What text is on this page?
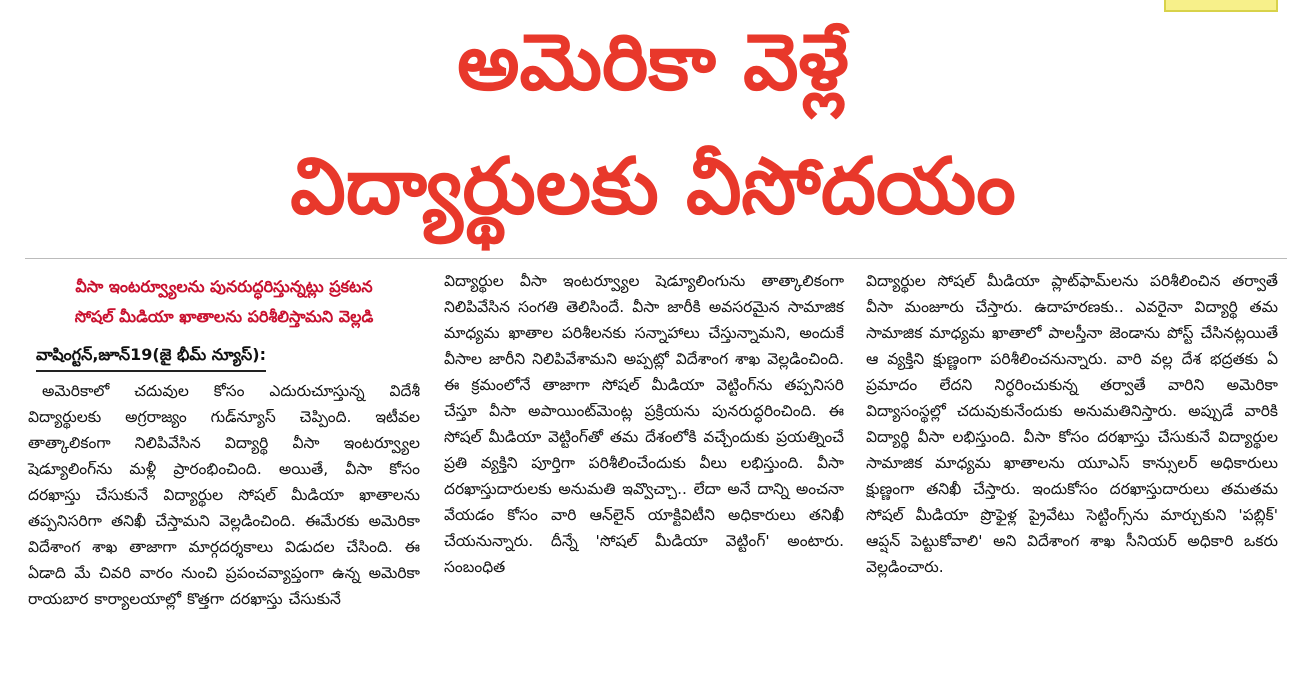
అమెరికా వెళ్లే
విద్యార్థులకు వీసోదయం
వీసా ఇంటర్వ్యూలను పునరుద్ధరిస్తున్నట్లు ప్రకటన
సోషల్ మీడియా ఖాతాలను పరిశీలిస్తామని వెల్లడి
వాషింగ్టన్,జూన్19(జై భీమ్ న్యూస్):

అమెరికాలో చదువుల కోసం ఎదురుచూస్తున్న విదేశీ విద్యార్థులకు అగ్రరాజ్యం గుడ్‌న్యూస్ చెప్పింది. ఇటీవల తాత్కాలికంగా నిలిపివేసిన విద్యార్థి వీసా ఇంటర్వ్యూల షెడ్యూలింగ్‌ను మళ్లీ ప్రారంభించింది. అయితే, వీసా కోసం దరఖాస్తు చేసుకునే విద్యార్థుల సోషల్ మీడియా ఖాతాలను తప్పనిసరిగా తనిఖీ చేస్తామని వెల్లడించింది. ఈమేరకు అమెరికా విదేశాంగ శాఖ తాజాగా మార్గదర్శకాలు విడుదల చేసింది. ఈ ఏడాది మే చివరి వారం నుంచి ప్రపంచవ్యాప్తంగా ఉన్న అమెరికా రాయబార కార్యాలయాల్లో కొత్తగా దరఖాస్తు చేసుకునే

విద్యార్థుల వీసా ఇంటర్వ్యూల షెడ్యూలింగును తాత్కాలికంగా నిలిపివేసిన సంగతి తెలిసిందే. వీసా జారీకి అవసరమైన సామాజిక మాధ్యమ ఖాతాల పరిశీలనకు సన్నాహాలు చేస్తున్నామని, అందుకే వీసాల జారీని నిలిపివేశామని అప్పట్లో విదేశాంగ శాఖ వెల్లడించింది. ఈ క్రమంలోనే తాజాగా సోషల్ మీడియా వెట్టింగ్‌ను తప్పనిసరి చేస్తూ వీసా అపాయింట్‌మెంట్ల ప్రక్రియను పునరుద్ధరించింది. ఈ సోషల్ మీడియా వెట్టింగ్‌తో తమ దేశంలోకి వచ్చేందుకు ప్రయత్నించే ప్రతి వ్యక్తిని పూర్తిగా పరిశీలించేందుకు వీలు లభిస్తుంది. వీసా దరఖాస్తుదారులకు అనుమతి ఇవ్వొచ్చా.. లేదా అనే దాన్ని అంచనా వేయడం కోసం వారి ఆన్‌లైన్ యాక్టివిటీని అధికారులు తనిఖీ చేయనున్నారు. దీన్నే 'సోషల్ మీడియా వెట్టింగ్' అంటారు. సంబంధిత

విద్యార్థుల సోషల్ మీడియా ప్లాట్‌ఫామ్‌లను పరిశీలించిన తర్వాతే వీసా మంజూరు చేస్తారు. ఉదాహరణకు.. ఎవరైనా విద్యార్థి తమ సామాజిక మాధ్యమ ఖాతాలో పాలస్తీనా జెండాను పోస్ట్ చేసినట్లయితే ఆ వ్యక్తిని క్షుణ్ణంగా పరిశీలించనున్నారు. వారి వల్ల దేశ భద్రతకు ఏ ప్రమాదం లేదని నిర్ధరించుకున్న తర్వాతే వారిని అమెరికా విద్యాసంస్థల్లో చదువుకునేందుకు అనుమతినిస్తారు. అప్పుడే వారికి విద్యార్థి వీసా లభిస్తుంది. వీసా కోసం దరఖాస్తు చేసుకునే విద్యార్థుల సామాజిక మాధ్యమ ఖాతాలను యూఎస్ కాన్సులర్ అధికారులు క్షుణ్ణంగా తనిఖీ చేస్తారు. ఇందుకోసం దరఖాస్తుదారులు తమతమ సోషల్ మీడియా ప్రొఫైళ్ల ప్రైవేటు సెట్టింగ్స్‌ను మార్చుకుని 'పబ్లిక్' ఆప్షన్ పెట్టుకోవాలి' అని విదేశాంగ శాఖ సీనియర్ అధికారి ఒకరు వెల్లడించారు.
